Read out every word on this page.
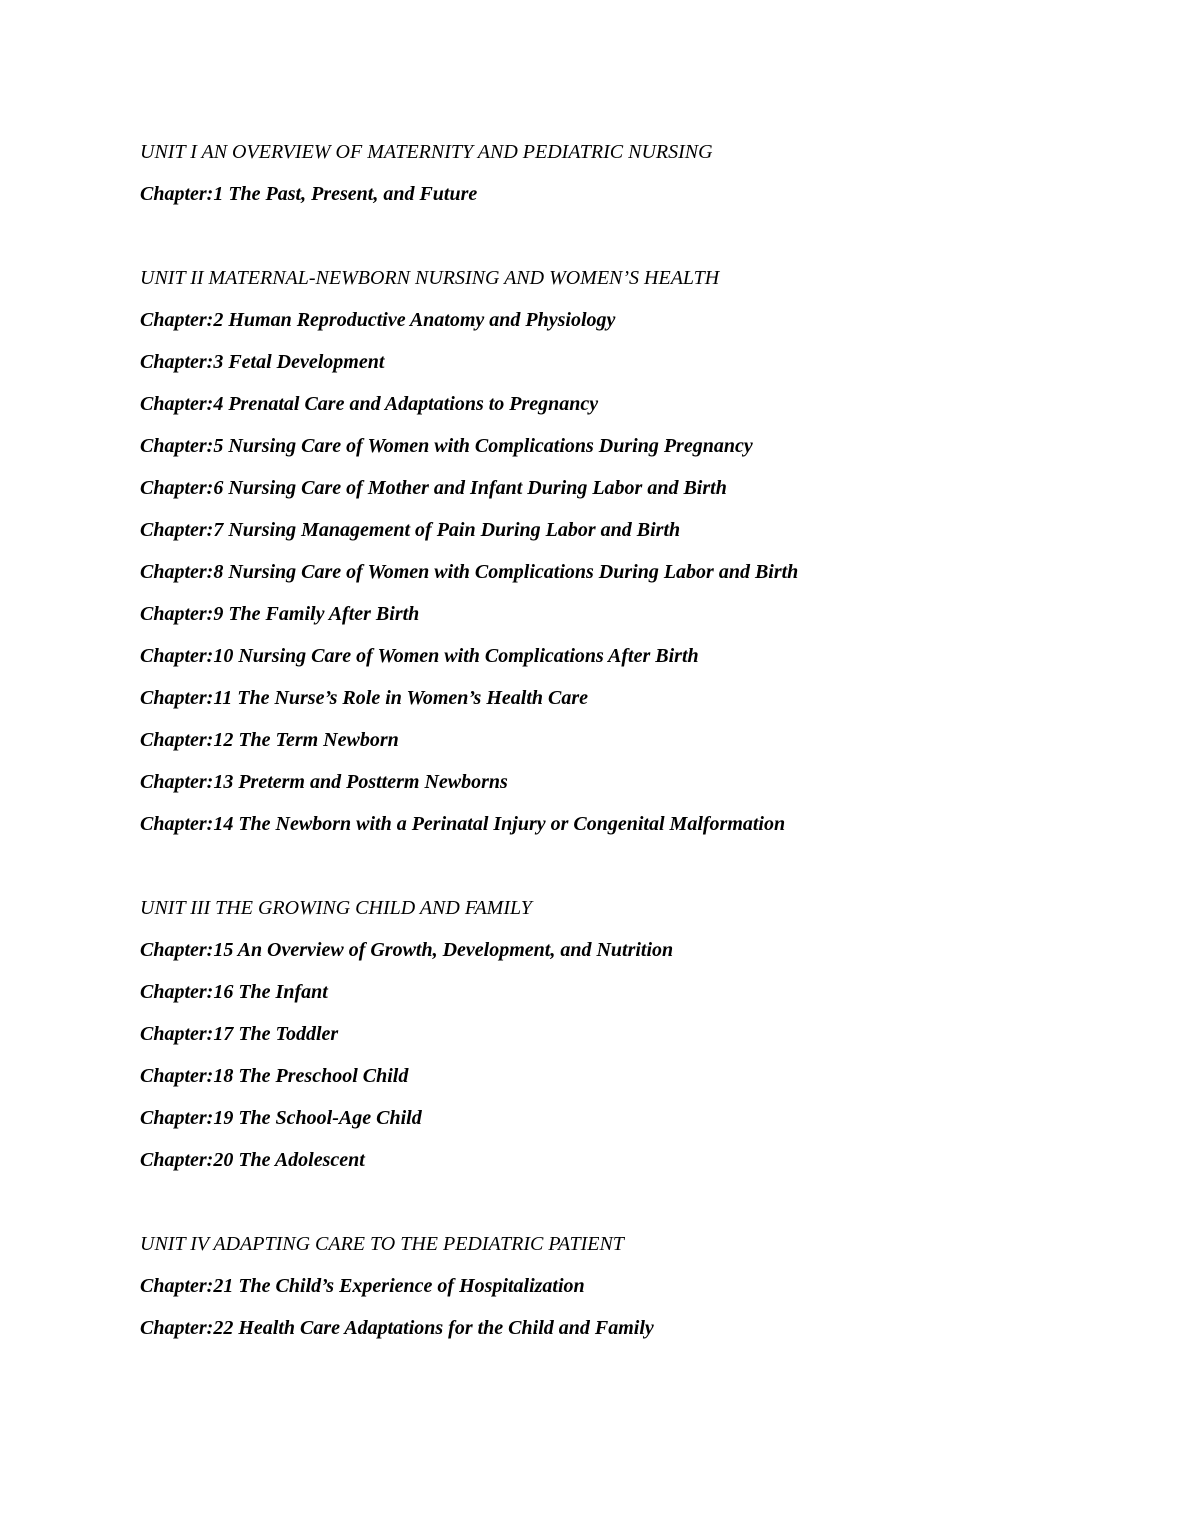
UNIT I AN OVERVIEW OF MATERNITY AND PEDIATRIC NURSING
Chapter:1 The Past, Present, and Future
UNIT II MATERNAL-NEWBORN NURSING AND WOMEN’S HEALTH
Chapter:2 Human Reproductive Anatomy and Physiology
Chapter:3 Fetal Development
Chapter:4 Prenatal Care and Adaptations to Pregnancy
Chapter:5 Nursing Care of Women with Complications During Pregnancy
Chapter:6 Nursing Care of Mother and Infant During Labor and Birth
Chapter:7 Nursing Management of Pain During Labor and Birth
Chapter:8 Nursing Care of Women with Complications During Labor and Birth
Chapter:9 The Family After Birth
Chapter:10 Nursing Care of Women with Complications After Birth
Chapter:11 The Nurse’s Role in Women’s Health Care
Chapter:12 The Term Newborn
Chapter:13 Preterm and Postterm Newborns
Chapter:14 The Newborn with a Perinatal Injury or Congenital Malformation
UNIT III THE GROWING CHILD AND FAMILY
Chapter:15 An Overview of Growth, Development, and Nutrition
Chapter:16 The Infant
Chapter:17 The Toddler
Chapter:18 The Preschool Child
Chapter:19 The School-Age Child
Chapter:20 The Adolescent
UNIT IV ADAPTING CARE TO THE PEDIATRIC PATIENT
Chapter:21 The Child’s Experience of Hospitalization
Chapter:22 Health Care Adaptations for the Child and Family
